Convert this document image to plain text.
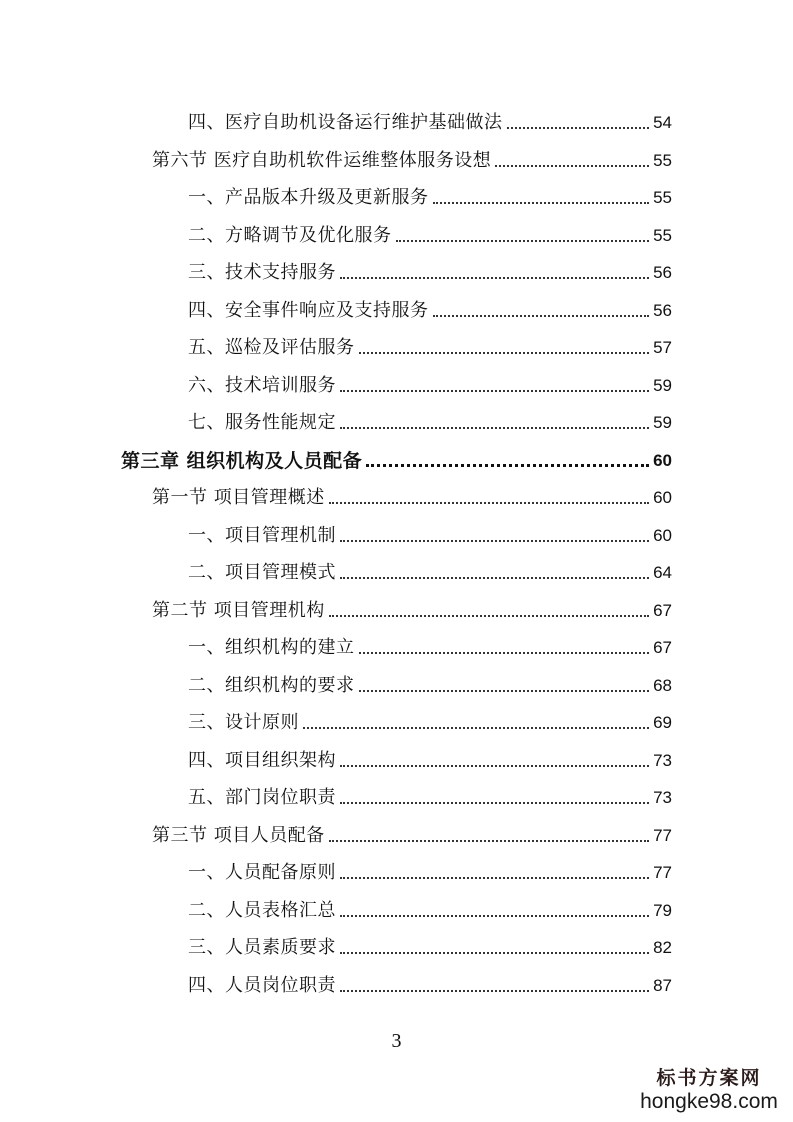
四、医疗自助机设备运行维护基础做法	54
第六节 医疗自助机软件运维整体服务设想	55
一、产品版本升级及更新服务	55
二、方略调节及优化服务	55
三、技术支持服务	56
四、安全事件响应及支持服务	56
五、巡检及评估服务	57
六、技术培训服务	59
七、服务性能规定	59
第三章 组织机构及人员配备	60
第一节 项目管理概述	60
一、项目管理机制	60
二、项目管理模式	64
第二节 项目管理机构	67
一、组织机构的建立	67
二、组织机构的要求	68
三、设计原则	69
四、项目组织架构	73
五、部门岗位职责	73
第三节 项目人员配备	77
一、人员配备原则	77
二、人员表格汇总	79
三、人员素质要求	82
四、人员岗位职责	87
3
标书方案网
hongke98.com
